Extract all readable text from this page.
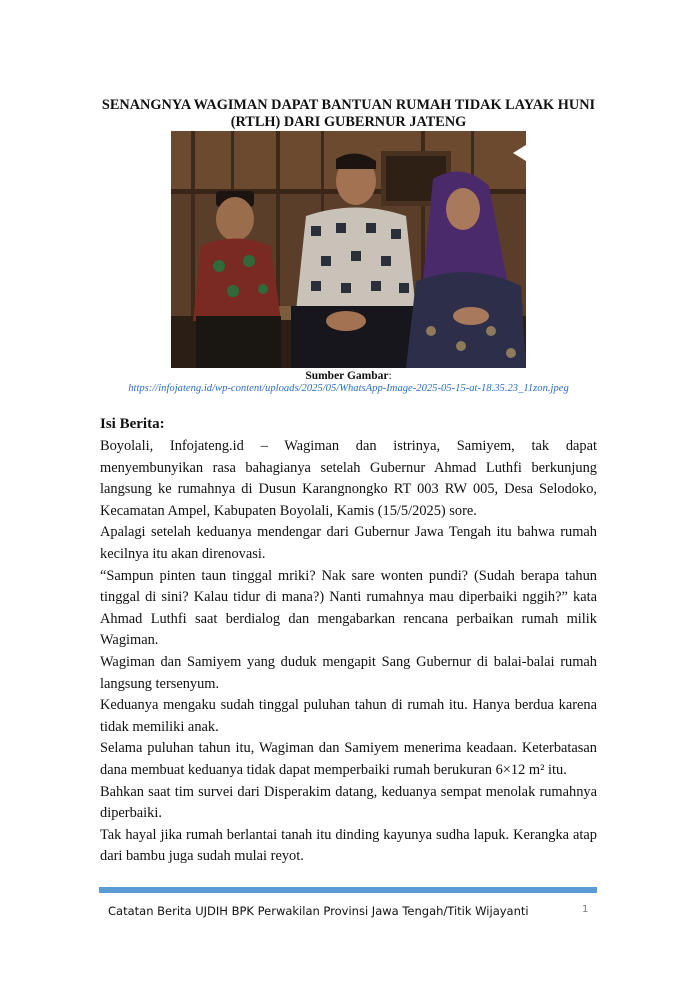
SENANGNYA WAGIMAN DAPAT BANTUAN RUMAH TIDAK LAYAK HUNI (RTLH) DARI GUBERNUR JATENG
Sumber Gambar:
https://infojateng.id/wp-content/uploads/2025/05/WhatsApp-Image-2025-05-15-at-18.35.23_11zon.jpeg
Isi Berita:

Boyolali, Infojateng.id – Wagiman dan istrinya, Samiyem, tak dapat menyembunyikan rasa bahagianya setelah Gubernur Ahmad Luthfi berkunjung langsung ke rumahnya di Dusun Karangnongko RT 003 RW 005, Desa Selodoko, Kecamatan Ampel, Kabupaten Boyolali, Kamis (15/5/2025) sore.

Apalagi setelah keduanya mendengar dari Gubernur Jawa Tengah itu bahwa rumah kecilnya itu akan direnovasi.

“Sampun pinten taun tinggal mriki? Nak sare wonten pundi? (Sudah berapa tahun tinggal di sini? Kalau tidur di mana?) Nanti rumahnya mau diperbaiki nggih?” kata Ahmad Luthfi saat berdialog dan mengabarkan rencana perbaikan rumah milik Wagiman.

Wagiman dan Samiyem yang duduk mengapit Sang Gubernur di balai-balai rumah langsung tersenyum.

Keduanya mengaku sudah tinggal puluhan tahun di rumah itu. Hanya berdua karena tidak memiliki anak.

Selama puluhan tahun itu, Wagiman dan Samiyem menerima keadaan. Keterbatasan dana membuat keduanya tidak dapat memperbaiki rumah berukuran 6×12 m² itu.

Bahkan saat tim survei dari Disperakim datang, keduanya sempat menolak rumahnya diperbaiki.

Tak hayal jika rumah berlantai tanah itu dinding kayunya sudha lapuk. Kerangka atap dari bambu juga sudah mulai reyot.

Catatan Berita UJDIH BPK Perwakilan Provinsi Jawa Tengah/Titik Wijayanti	1
